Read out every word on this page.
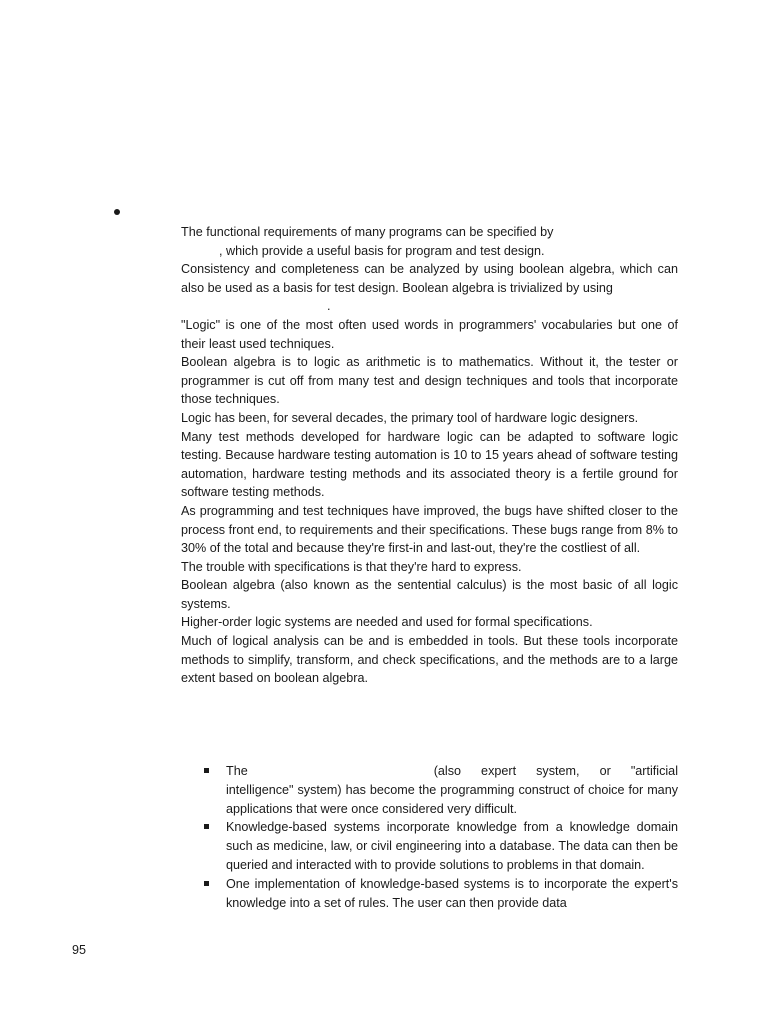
The functional requirements of many programs can be specified by
, which provide a useful basis for program and test design.

Consistency and completeness can be analyzed by using boolean algebra, which can also be used as a basis for test design. Boolean algebra is trivialized by using
.

"Logic" is one of the most often used words in programmers' vocabularies but one of their least used techniques.

Boolean algebra is to logic as arithmetic is to mathematics. Without it, the tester or programmer is cut off from many test and design techniques and tools that incorporate those techniques.

Logic has been, for several decades, the primary tool of hardware logic designers.

Many test methods developed for hardware logic can be adapted to software logic testing. Because hardware testing automation is 10 to 15 years ahead of software testing automation, hardware testing methods and its associated theory is a fertile ground for software testing methods.

As programming and test techniques have improved, the bugs have shifted closer to the process front end, to requirements and their specifications. These bugs range from 8% to 30% of the total and because they're first-in and last-out, they're the costliest of all.

The trouble with specifications is that they're hard to express.

Boolean algebra (also known as the sentential calculus) is the most basic of all logic systems.

Higher-order logic systems are needed and used for formal specifications.

Much of logical analysis can be and is embedded in tools. But these tools incorporate methods to simplify, transform, and check specifications, and the methods are to a large extent based on boolean algebra.

The	(also expert system, or "artificial intelligence" system) has become the programming construct of choice for many applications that were once considered very difficult.
Knowledge-based systems incorporate knowledge from a knowledge domain such as medicine, law, or civil engineering into a database. The data can then be queried and interacted with to provide solutions to problems in that domain.
One implementation of knowledge-based systems is to incorporate the expert's knowledge into a set of rules. The user can then provide data
95
